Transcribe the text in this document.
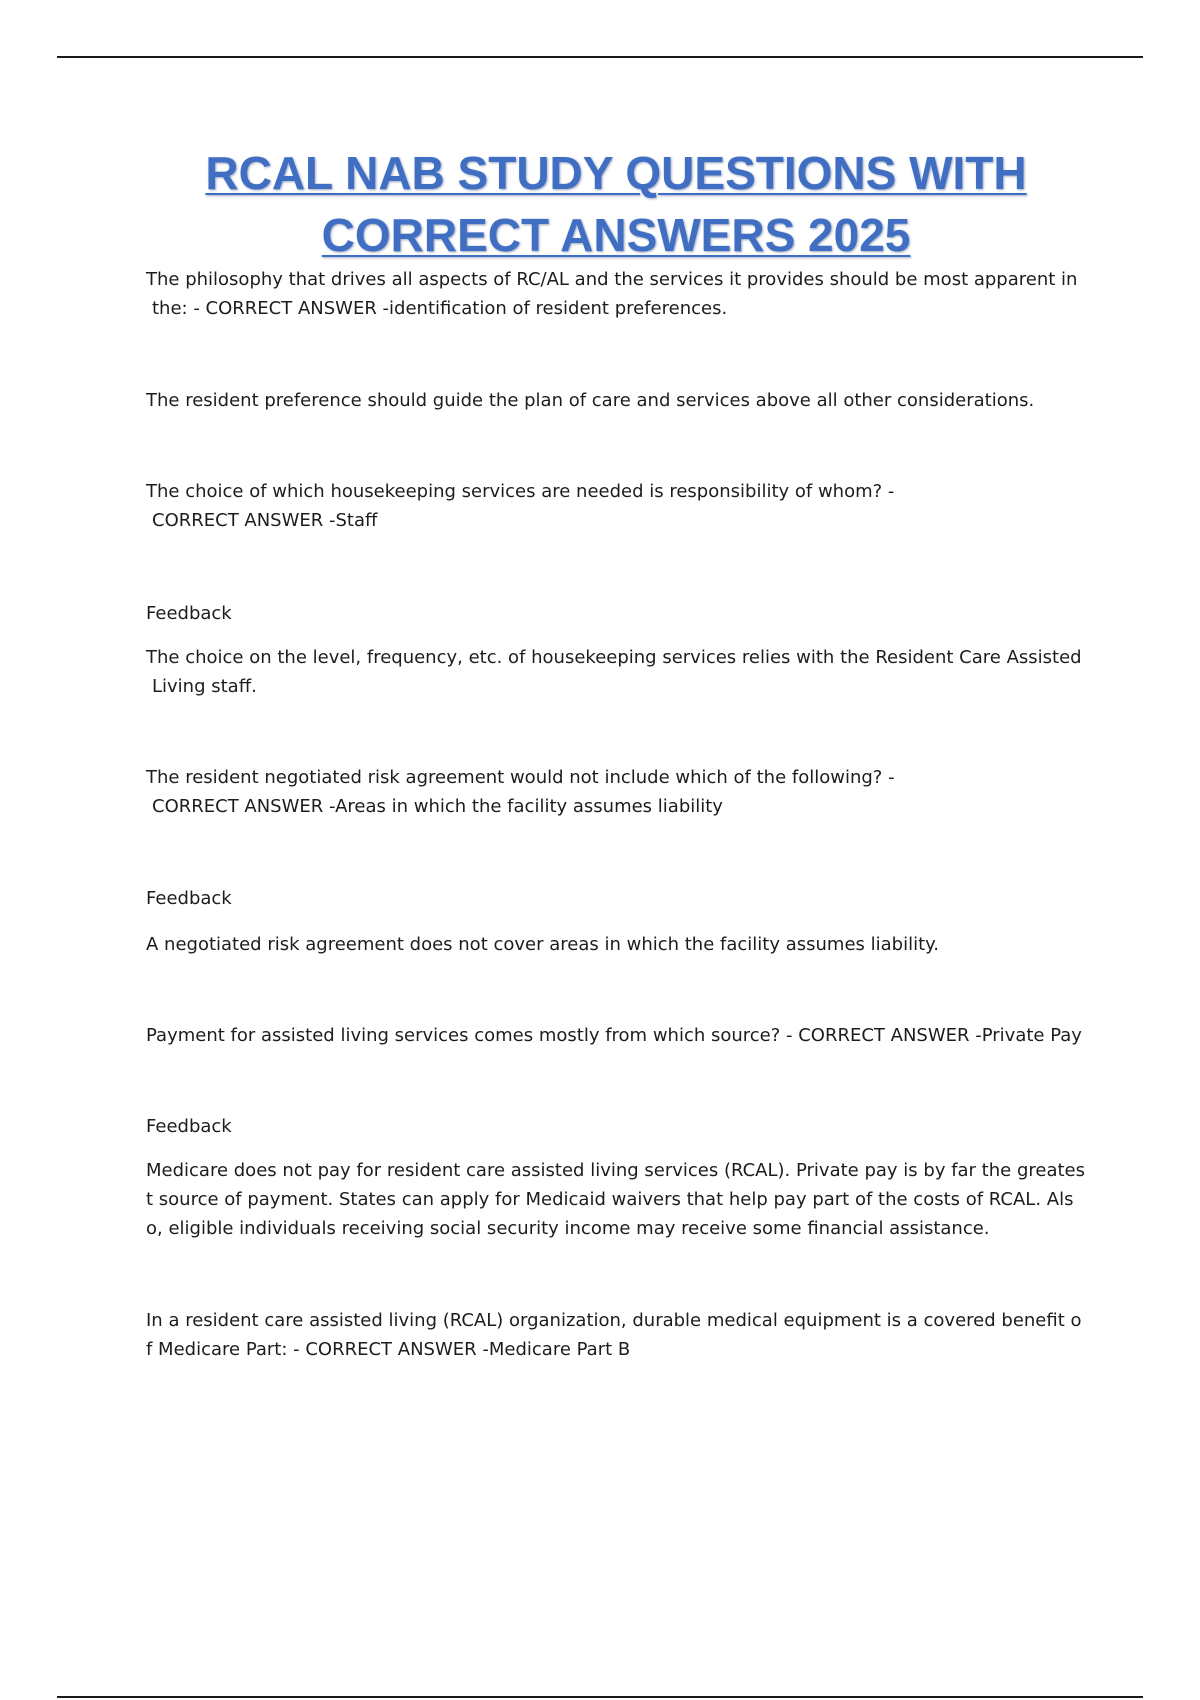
RCAL NAB STUDY QUESTIONS WITH
CORRECT ANSWERS 2025

The philosophy that drives all aspects of RC/AL and the services it provides should be most apparent in
the: - CORRECT ANSWER -identification of resident preferences.

The resident preference should guide the plan of care and services above all other considerations.

The choice of which housekeeping services are needed is responsibility of whom? -
CORRECT ANSWER -Staff

Feedback

The choice on the level, frequency, etc. of housekeeping services relies with the Resident Care Assisted
Living staff.

The resident negotiated risk agreement would not include which of the following? -
CORRECT ANSWER -Areas in which the facility assumes liability

Feedback

A negotiated risk agreement does not cover areas in which the facility assumes liability.

Payment for assisted living services comes mostly from which source? - CORRECT ANSWER -Private Pay

Feedback

Medicare does not pay for resident care assisted living services (RCAL). Private pay is by far the greates
t source of payment. States can apply for Medicaid waivers that help pay part of the costs of RCAL. Als
o, eligible individuals receiving social security income may receive some financial assistance.

In a resident care assisted living (RCAL) organization, durable medical equipment is a covered benefit o
f Medicare Part: - CORRECT ANSWER -Medicare Part B
